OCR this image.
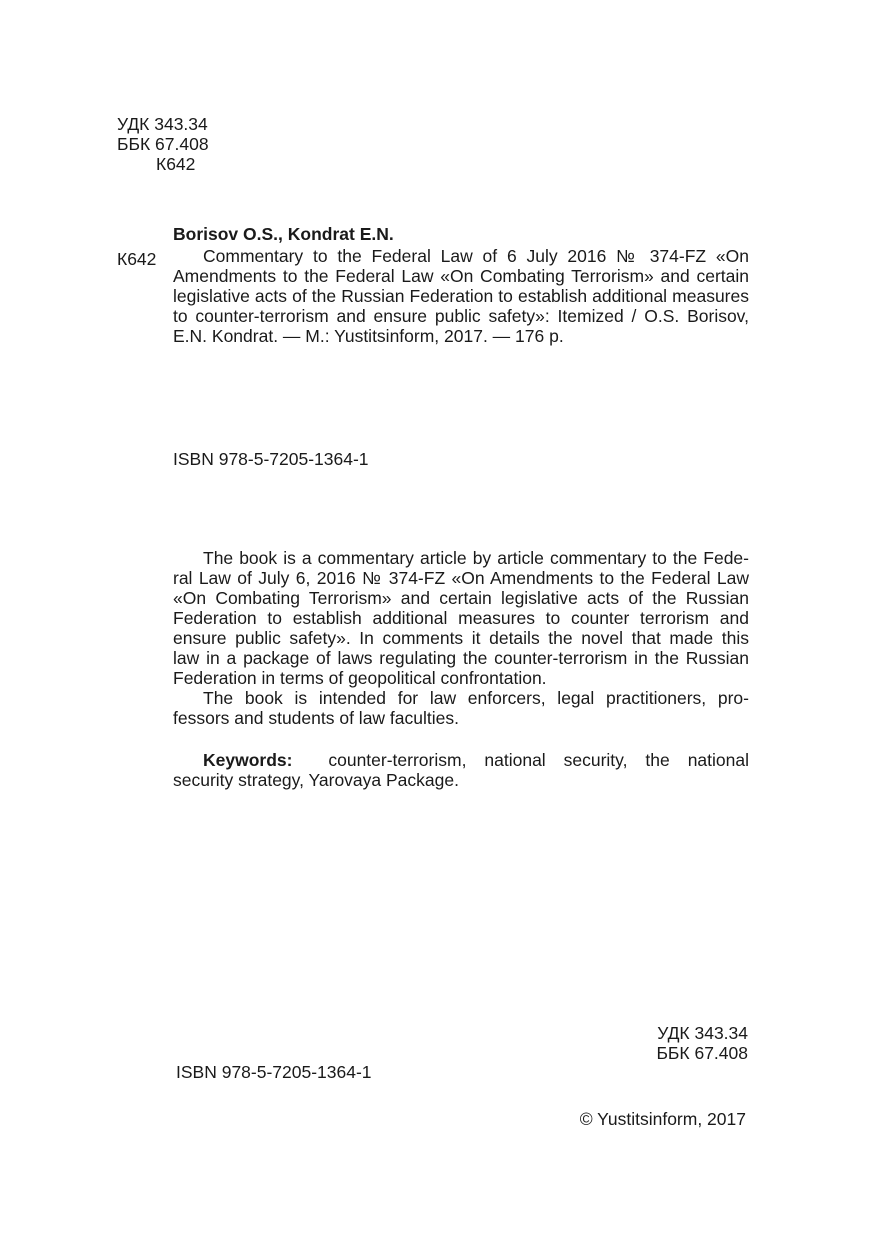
УДК 343.34
ББК 67.408
К642
Borisov O.S., Kondrat E.N.
К642	Commentary to the Federal Law of 6 July 2016 № 374-FZ «On

Amendments to the Federal Law «On Combating Terrorism» and certain

legislative acts of the Russian Federation to establish additional measures

to counter-terrorism and ensure public safety»: Itemized / O.S. Borisov,

E.N. Kondrat. — M.: Yustitsinform, 2017. — 176 p.

ISBN 978-5-7205-1364-1

The book is a commentary article by article commentary to the Fede-

ral Law of July 6, 2016 № 374-FZ «On Amendments to the Federal Law

«On Combating Terrorism» and certain legislative acts of the Russian

Federation to establish additional measures to counter terrorism and

ensure public safety». In comments it details the novel that made this

law in a package of laws regulating the counter-terrorism in the Russian

Federation in terms of geopolitical confrontation.

The book is intended for law enforcers, legal practitioners, pro-

fessors and students of law faculties.

Keywords: counter-terrorism, national security, the national

security strategy, Yarovaya Package.

УДК 343.34
ББК 67.408
ISBN 978-5-7205-1364-1
© Yustitsinform, 2017
